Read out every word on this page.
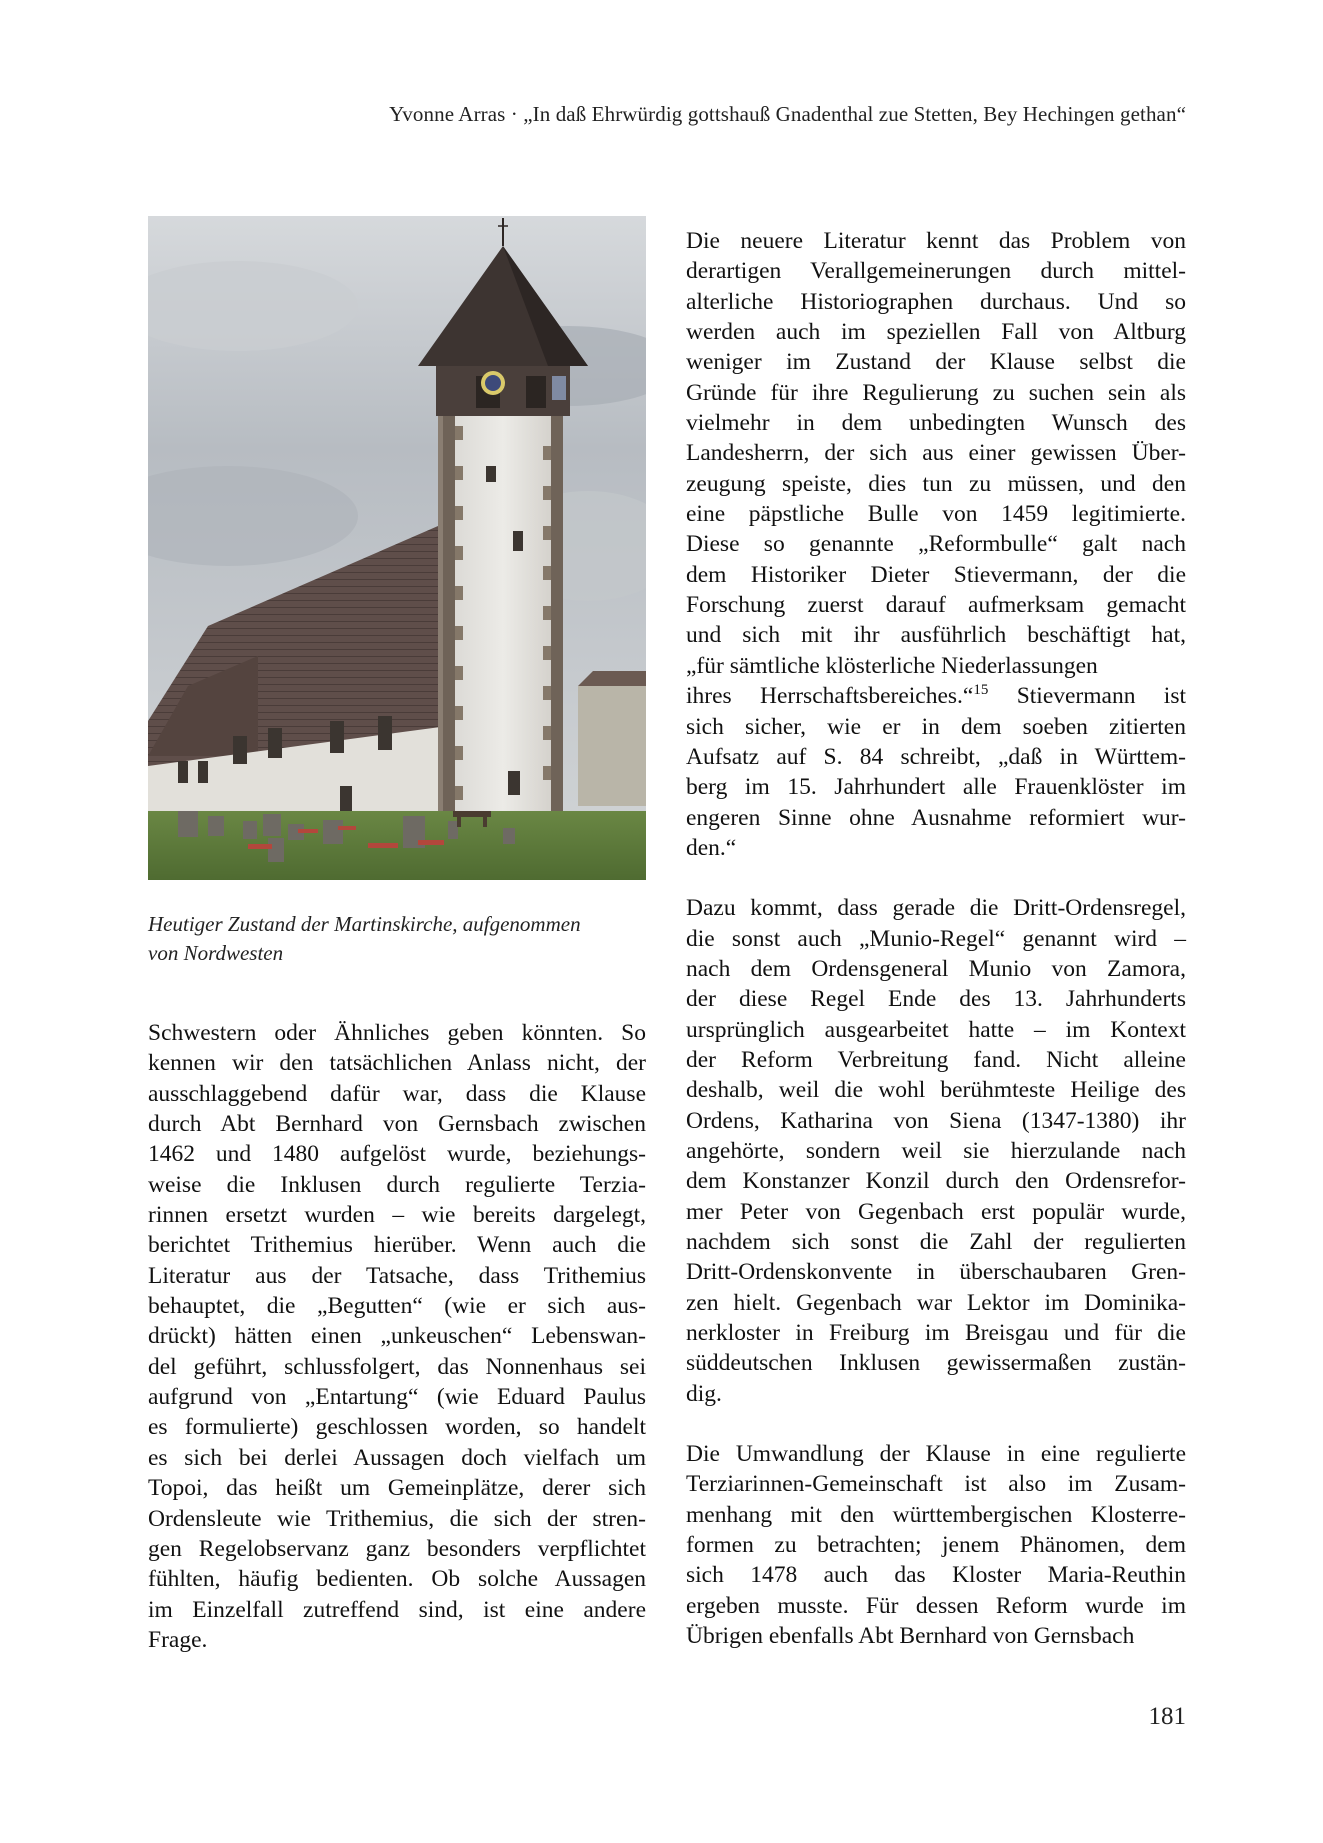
Yvonne Arras · „In daß Ehrwürdig gottshauß Gnadenthal zue Stetten, Bey Hechingen gethan“
Heutiger Zustand der Martinskirche, aufgenommen
von Nordwesten

Schwestern oder Ähnliches geben könnten. So
kennen wir den tatsächlichen Anlass nicht, der
ausschlaggebend dafür war, dass die Klause
durch Abt Bernhard von Gernsbach zwischen
1462 und 1480 aufgelöst wurde, beziehungs-
weise die Inklusen durch regulierte Terzia-
rinnen ersetzt wurden – wie bereits dargelegt,
berichtet Trithemius hierüber. Wenn auch die
Literatur aus der Tatsache, dass Trithemius
behauptet, die „Begutten“ (wie er sich aus-
drückt) hätten einen „unkeuschen“ Lebenswan-
del geführt, schlussfolgert, das Nonnenhaus sei
aufgrund von „Entartung“ (wie Eduard Paulus
es formulierte) geschlossen worden, so handelt
es sich bei derlei Aussagen doch vielfach um
Topoi, das heißt um Gemeinplätze, derer sich
Ordensleute wie Trithemius, die sich der stren-
gen Regelobservanz ganz besonders verpflichtet
fühlten, häufig bedienten. Ob solche Aussagen
im Einzelfall zutreffend sind, ist eine andere
Frage.

Die neuere Literatur kennt das Problem von
derartigen Verallgemeinerungen durch mittel-
alterliche Historiographen durchaus. Und so
werden auch im speziellen Fall von Altburg
weniger im Zustand der Klause selbst die
Gründe für ihre Regulierung zu suchen sein als
vielmehr in dem unbedingten Wunsch des
Landesherrn, der sich aus einer gewissen Über-
zeugung speiste, dies tun zu müssen, und den
eine päpstliche Bulle von 1459 legitimierte.
Diese so genannte „Reformbulle“ galt nach
dem Historiker Dieter Stievermann, der die
Forschung zuerst darauf aufmerksam gemacht
und sich mit ihr ausführlich beschäftigt hat,
„für sämtliche klösterliche Niederlassungen
ihres Herrschaftsbereiches.“$^{15}$ Stievermann ist
sich sicher, wie er in dem soeben zitierten
Aufsatz auf S. 84 schreibt, „daß in Württem-
berg im 15. Jahrhundert alle Frauenklöster im
engeren Sinne ohne Ausnahme reformiert wur-
den.“

Dazu kommt, dass gerade die Dritt-Ordensregel,
die sonst auch „Munio-Regel“ genannt wird –
nach dem Ordensgeneral Munio von Zamora,
der diese Regel Ende des 13. Jahrhunderts
ursprünglich ausgearbeitet hatte – im Kontext
der Reform Verbreitung fand. Nicht alleine
deshalb, weil die wohl berühmteste Heilige des
Ordens, Katharina von Siena (1347-1380) ihr
angehörte, sondern weil sie hierzulande nach
dem Konstanzer Konzil durch den Ordensrefor-
mer Peter von Gegenbach erst populär wurde,
nachdem sich sonst die Zahl der regulierten
Dritt-Ordenskonvente in überschaubaren Gren-
zen hielt. Gegenbach war Lektor im Dominika-
nerkloster in Freiburg im Breisgau und für die
süddeutschen Inklusen gewissermaßen zustän-
dig.

Die Umwandlung der Klause in eine regulierte
Terziarinnen-Gemeinschaft ist also im Zusam-
menhang mit den württembergischen Klosterre-
formen zu betrachten; jenem Phänomen, dem
sich 1478 auch das Kloster Maria-Reuthin
ergeben musste. Für dessen Reform wurde im
Übrigen ebenfalls Abt Bernhard von Gernsbach

181
